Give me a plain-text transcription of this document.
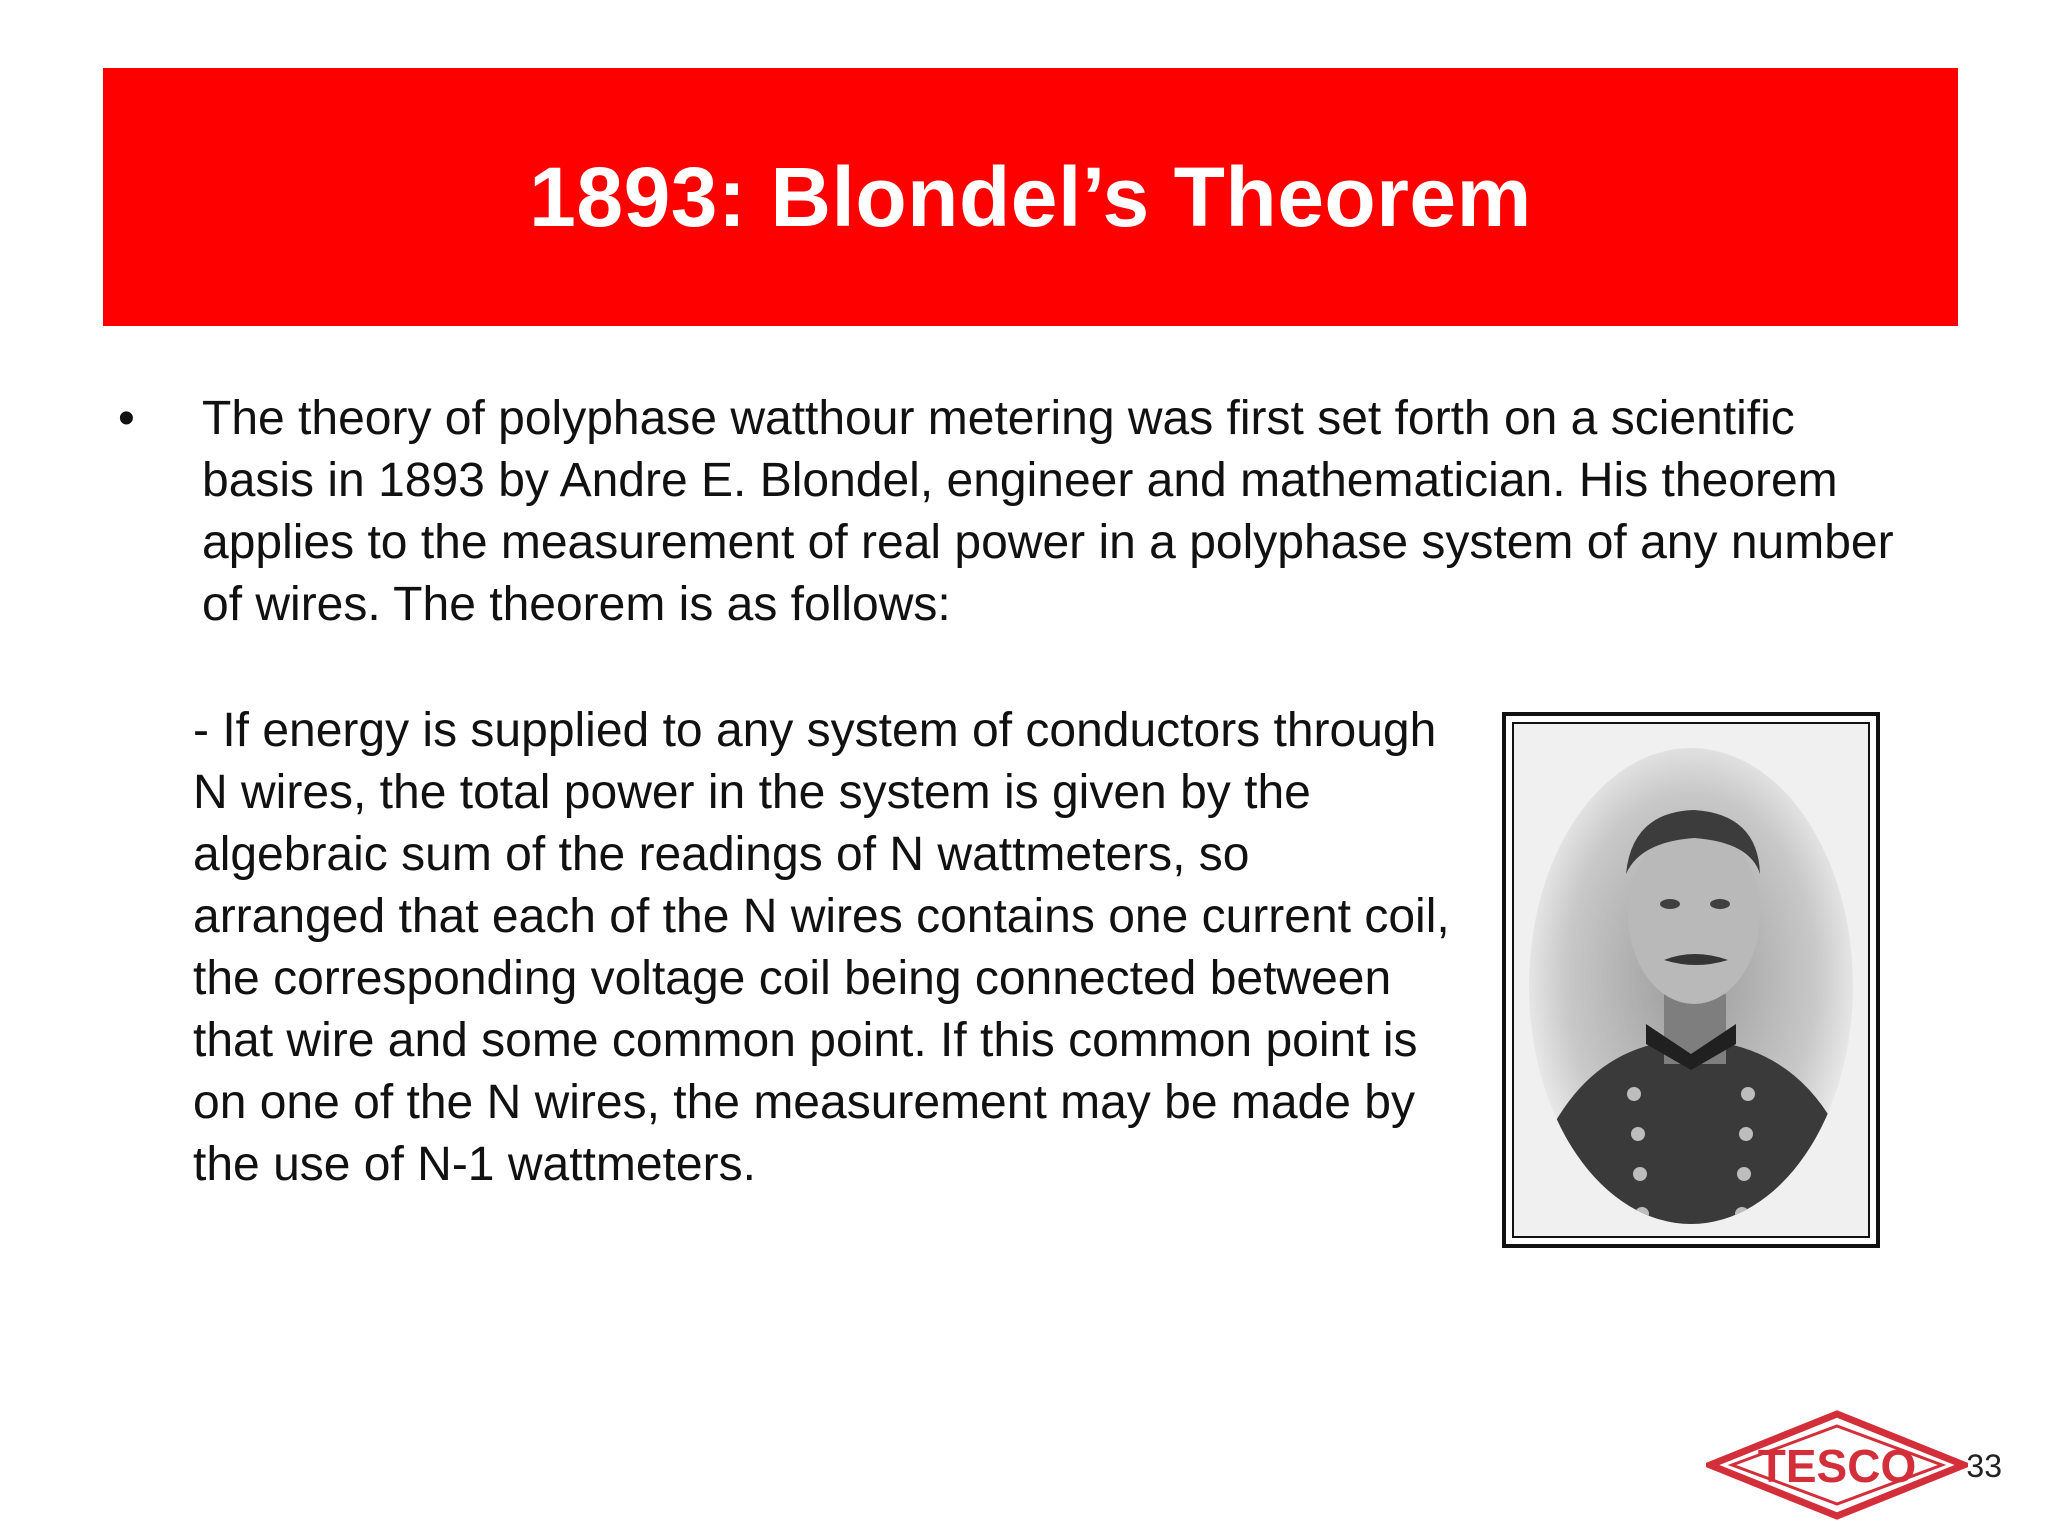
1893: Blondel’s Theorem
•	The theory of polyphase watthour metering was first set forth on a scientific basis in 1893 by Andre E. Blondel, engineer and mathematician. His theorem applies to the measurement of real power in a polyphase system of any number of wires. The theorem is as follows:
- If energy is supplied to any system of conductors through N wires, the total power in the system is given by the algebraic sum of the readings of N wattmeters, so arranged that each of the N wires contains one current coil, the corresponding voltage coil being connected between that wire and some common point. If this common point is on one of the N wires, the measurement may be made by the use of N-1 wattmeters.
TESCO 33
